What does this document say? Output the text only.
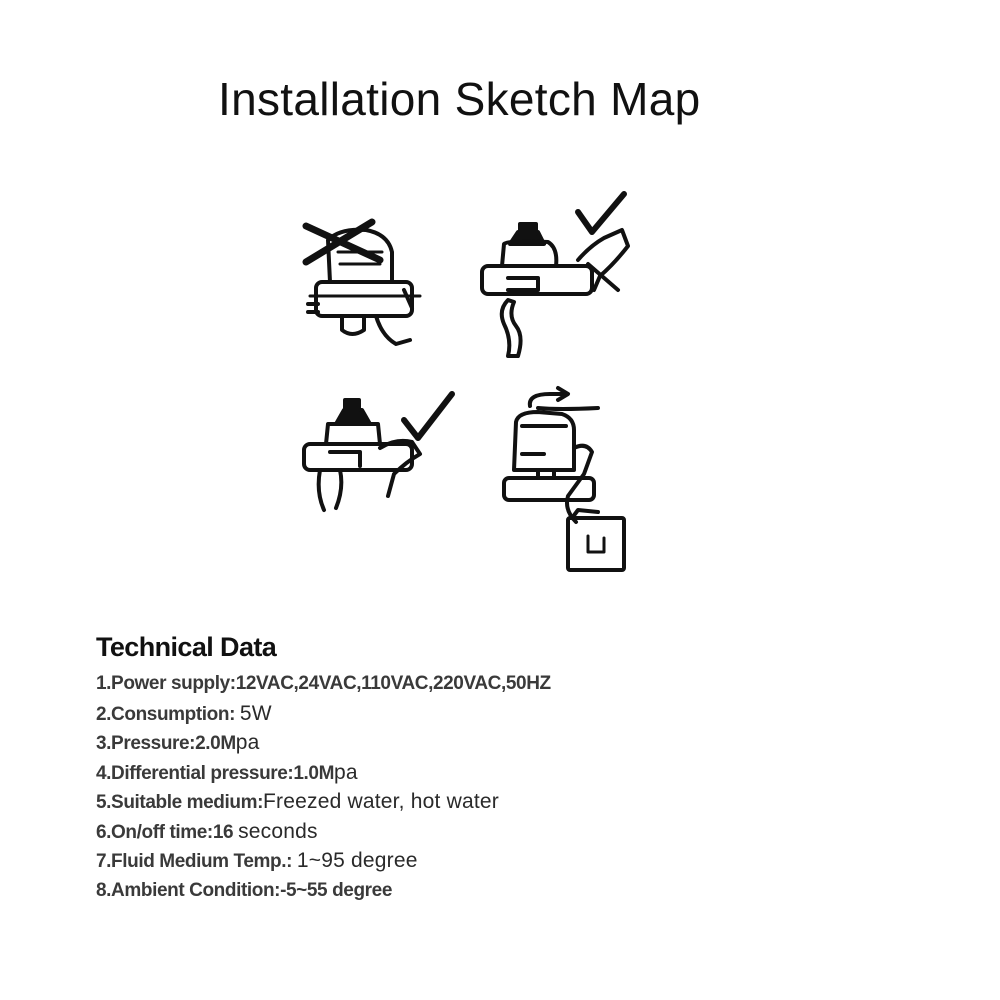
Installation Sketch Map
Technical Data
1.Power supply:12VAC,24VAC,110VAC,220VAC,50HZ
2.Consumption: 5W
3.Pressure:2.0Mpa
4.Differential pressure:1.0Mpa
5.Suitable medium:Freezed water, hot water
6.On/off time:16 seconds
7.Fluid Medium Temp.: 1~95 degree
8.Ambient Condition:-5~55 degree
